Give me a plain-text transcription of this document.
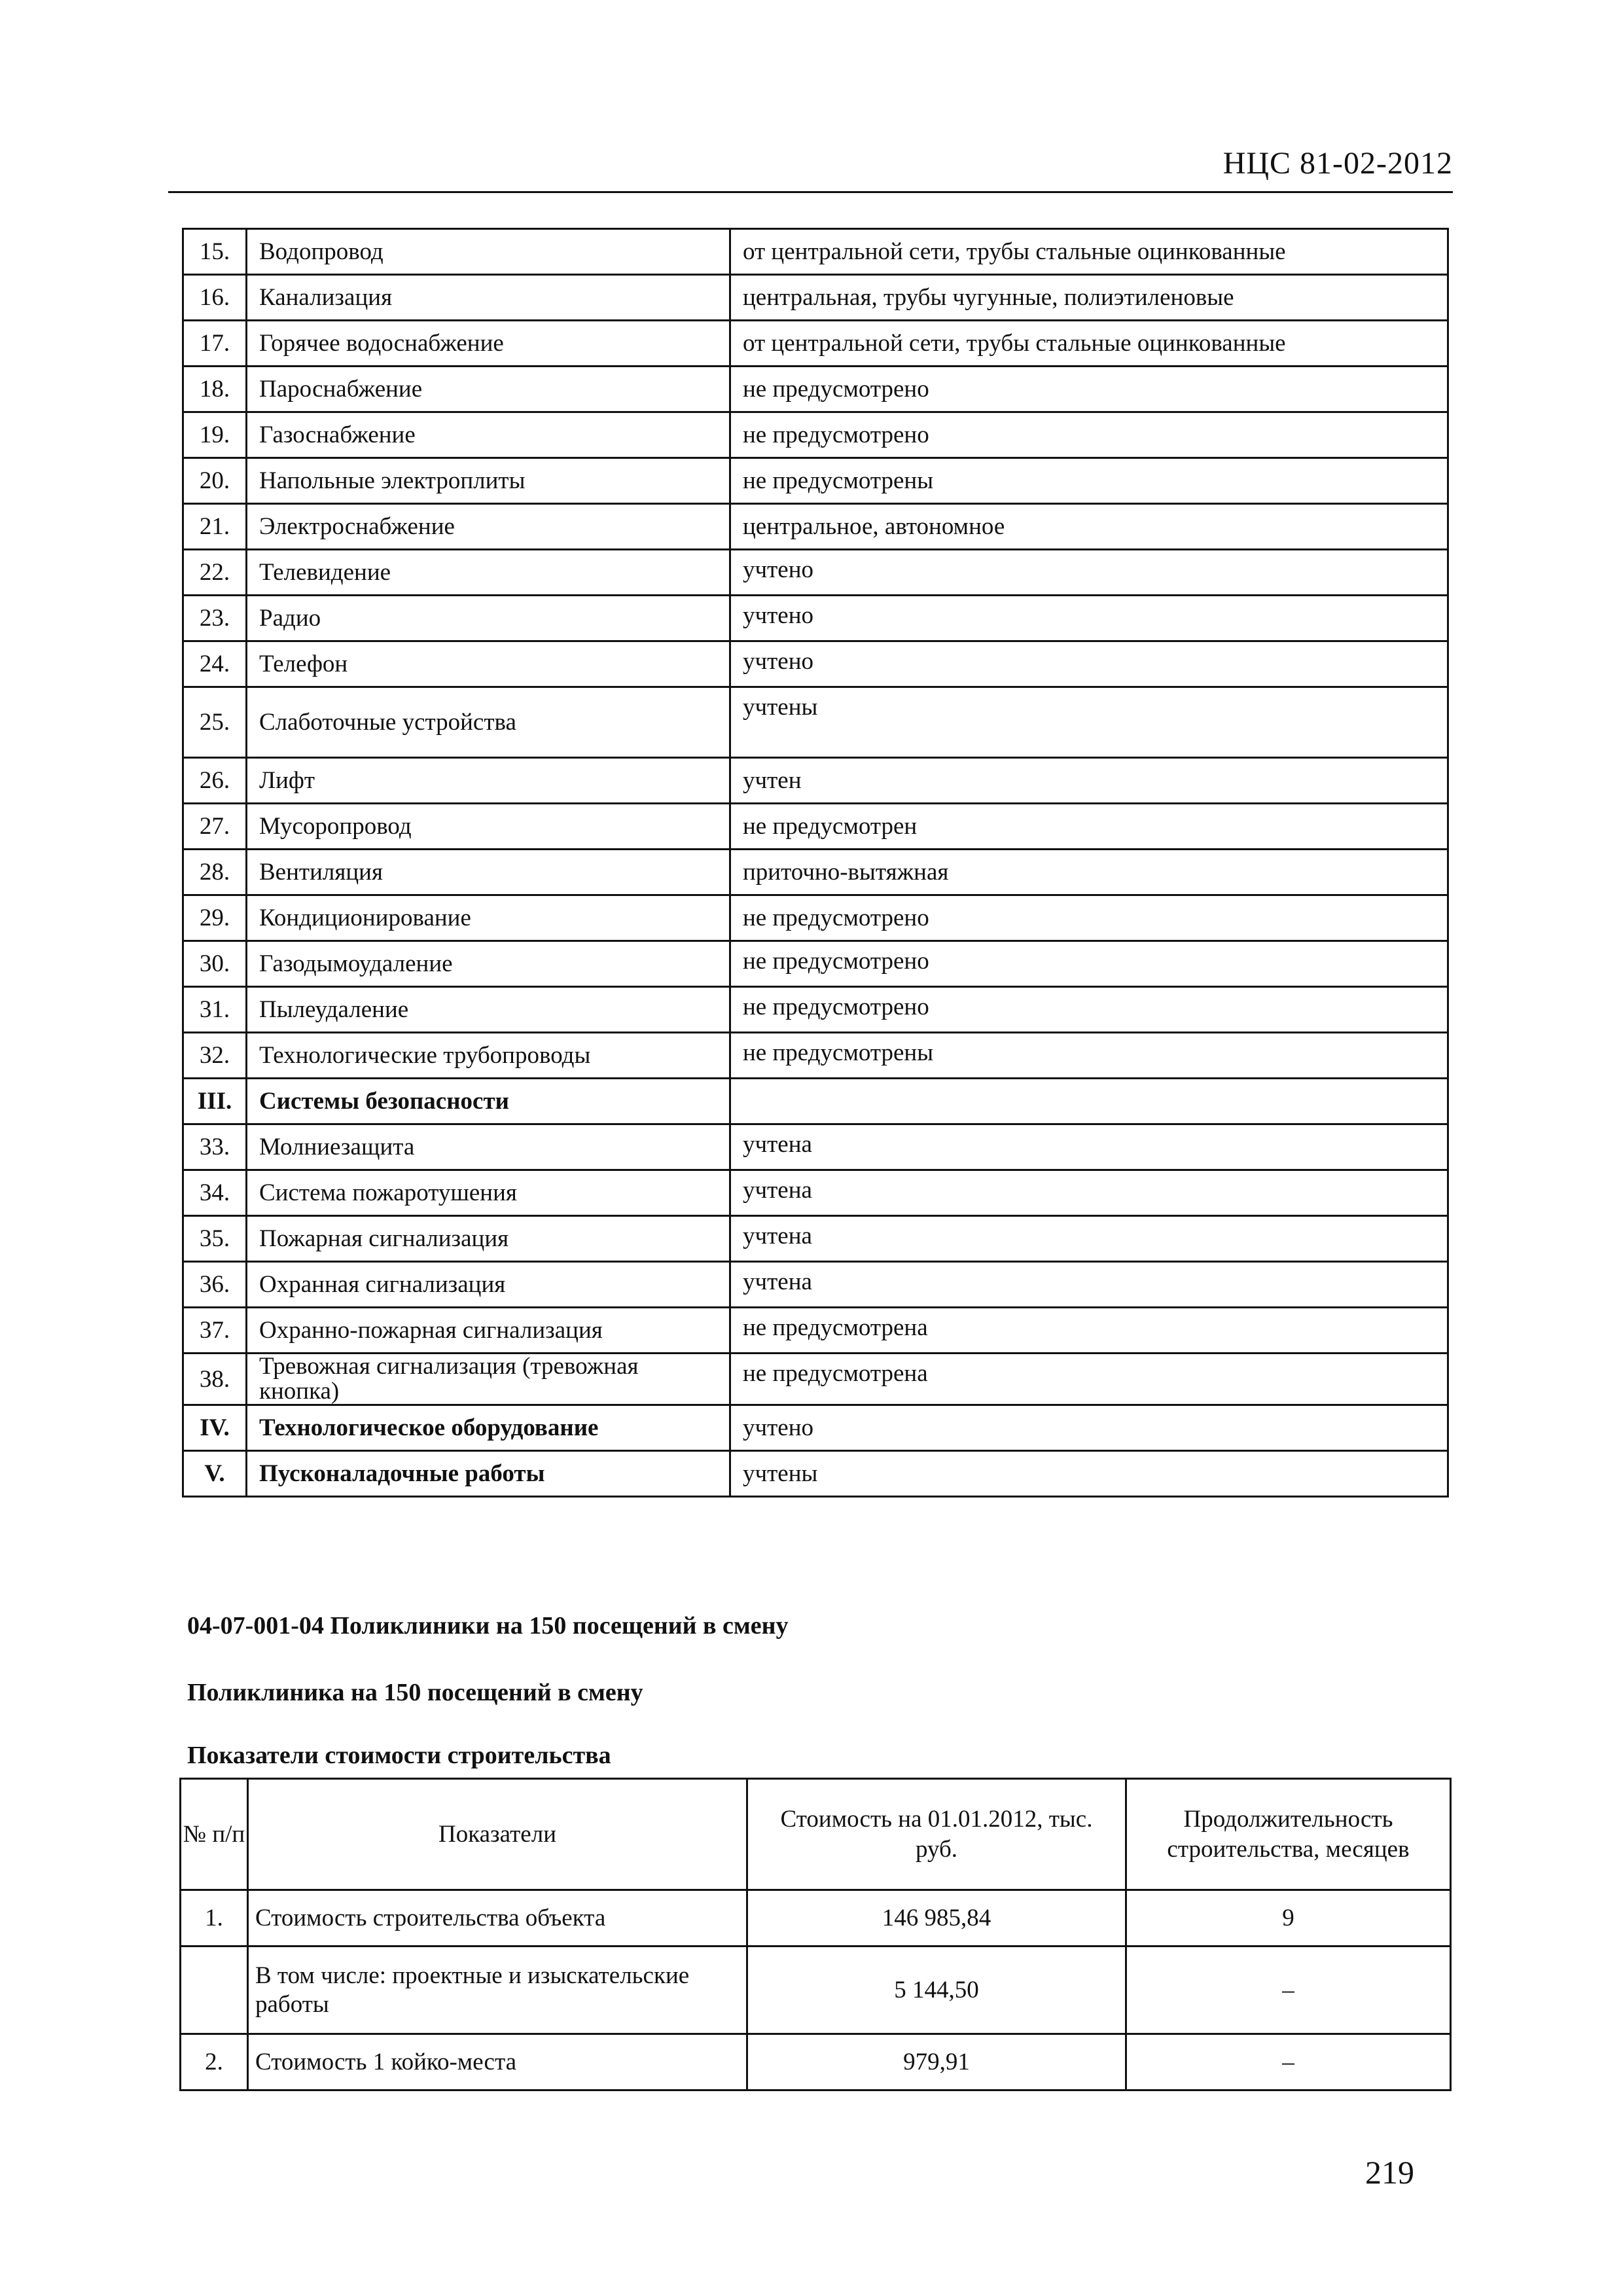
НЦС 81-02-2012
15.	Водопровод	от центральной сети, трубы стальные оцинкованные
16.	Канализация	центральная, трубы чугунные, полиэтиленовые
17.	Горячее водоснабжение	от центральной сети, трубы стальные оцинкованные
18.	Пароснабжение	не предусмотрено
19.	Газоснабжение	не предусмотрено
20.	Напольные электроплиты	не предусмотрены
21.	Электроснабжение	центральное, автономное
22.	Телевидение	учтено
23.	Радио	учтено
24.	Телефон	учтено
25.	Слаботочные устройства	учтены
26.	Лифт	учтен
27.	Мусоропровод	не предусмотрен
28.	Вентиляция	приточно-вытяжная
29.	Кондиционирование	не предусмотрено
30.	Газодымоудаление	не предусмотрено
31.	Пылеудаление	не предусмотрено
32.	Технологические трубопроводы	не предусмотрены
III.	Системы безопасности	
33.	Молниезащита	учтена
34.	Система пожаротушения	учтена
35.	Пожарная сигнализация	учтена
36.	Охранная сигнализация	учтена
37.	Охранно-пожарная сигнализация	не предусмотрена
38.	Тревожная сигнализация (тревожная кнопка)	не предусмотрена
IV.	Технологическое оборудование	учтено
V.	Пусконаладочные работы	учтены
04-07-001-04 Поликлиники на 150 посещений в смену
Поликлиника на 150 посещений в смену
Показатели стоимости строительства
№ п/п	Показатели	Стоимость на 01.01.2012, тыс. руб.	Продолжительность строительства, месяцев
1.	Стоимость строительства объекта	146 985,84	9
	В том числе: проектные и изыскательские работы	5 144,50	–
2.	Стоимость 1 койко-места	979,91	–
219
